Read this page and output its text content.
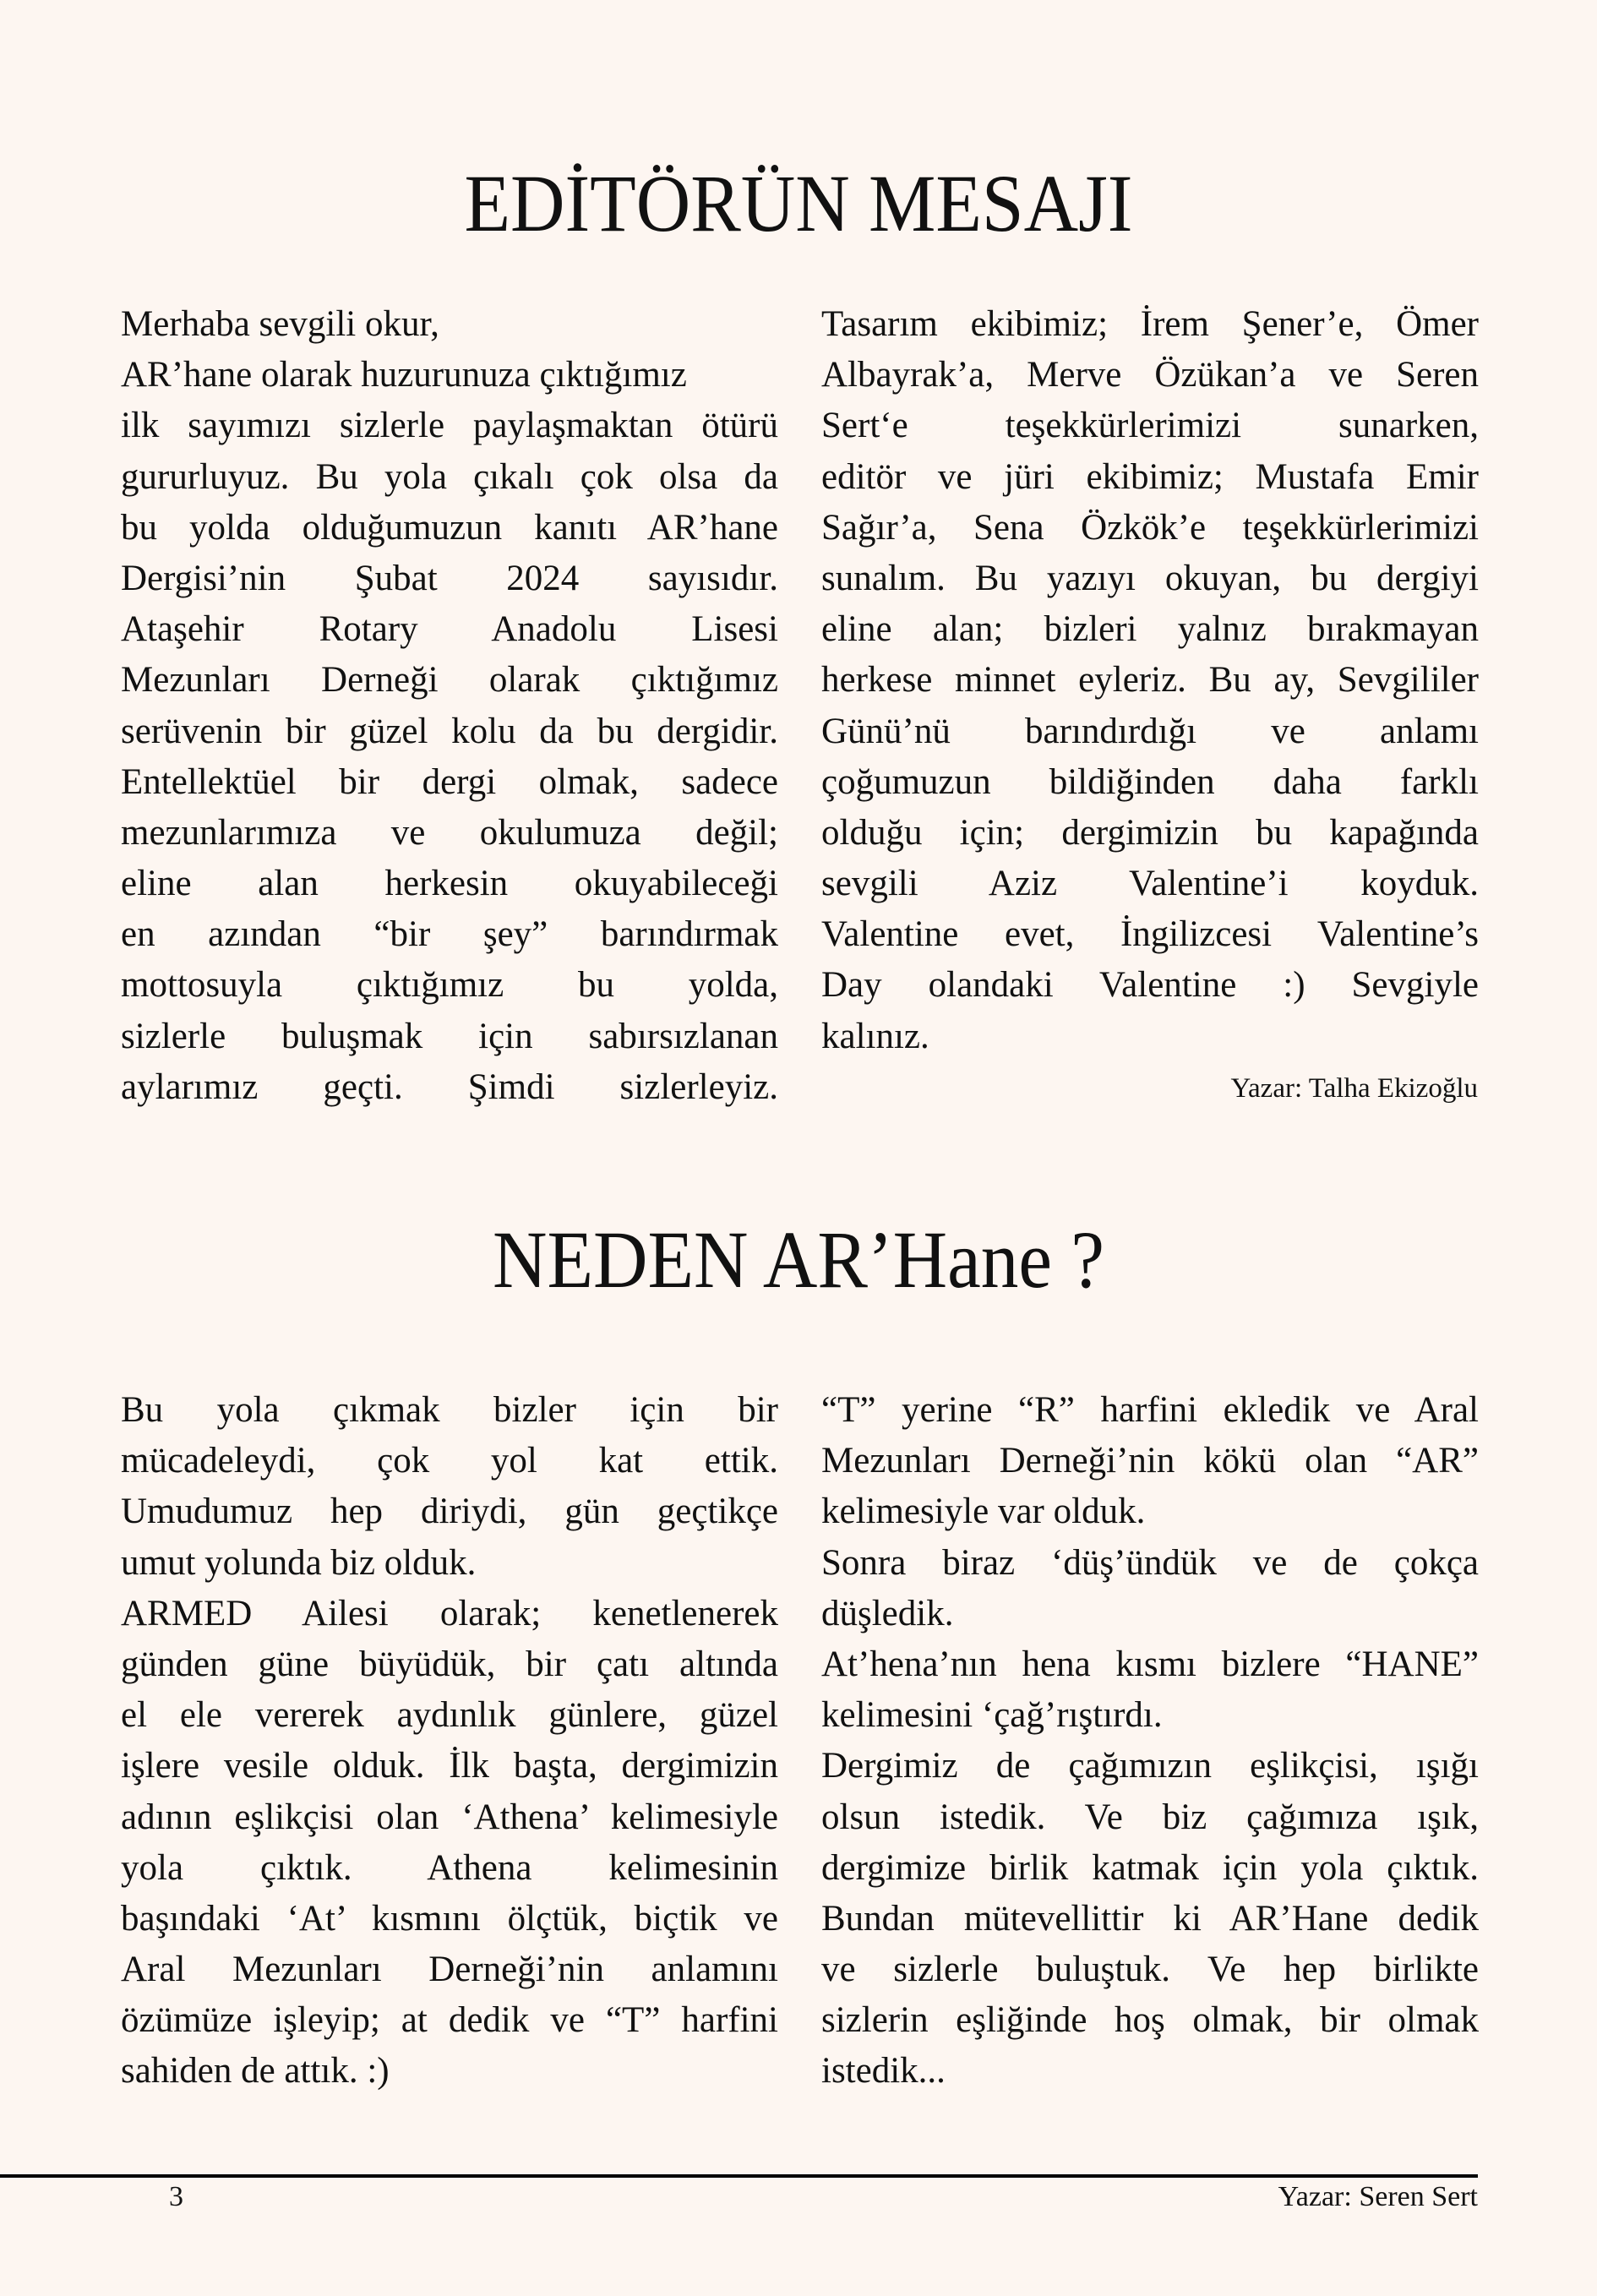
EDİTÖRÜN MESAJI
Merhaba sevgili okur,
AR’hane olarak huzurunuza çıktığımız
ilk sayımızı sizlerle paylaşmaktan ötürü
gururluyuz. Bu yola çıkalı çok olsa da
bu yolda olduğumuzun kanıtı AR’hane
Dergisi’nin Şubat 2024 sayısıdır.
Ataşehir Rotary Anadolu Lisesi
Mezunları Derneği olarak çıktığımız
serüvenin bir güzel kolu da bu dergidir.
Entellektüel bir dergi olmak, sadece
mezunlarımıza ve okulumuza değil;
eline alan herkesin okuyabileceği
en azından “bir şey” barındırmak
mottosuyla çıktığımız bu yolda,
sizlerle buluşmak için sabırsızlanan
aylarımız geçti. Şimdi sizlerleyiz.
Tasarım ekibimiz; İrem Şener’e, Ömer
Albayrak’a, Merve Özükan’a ve Seren
Sert‘e teşekkürlerimizi sunarken,
editör ve jüri ekibimiz; Mustafa Emir
Sağır’a, Sena Özkök’e teşekkürlerimizi
sunalım. Bu yazıyı okuyan, bu dergiyi
eline alan; bizleri yalnız bırakmayan
herkese minnet eyleriz. Bu ay, Sevgililer
Günü’nü barındırdığı ve anlamı
çoğumuzun bildiğinden daha farklı
olduğu için; dergimizin bu kapağında
sevgili Aziz Valentine’i koyduk.
Valentine evet, İngilizcesi Valentine’s
Day olandaki Valentine :) Sevgiyle
kalınız.
Yazar: Talha Ekizoğlu
NEDEN AR’Hane ?
Bu yola çıkmak bizler için bir
mücadeleydi, çok yol kat ettik.
Umudumuz hep diriydi, gün geçtikçe
umut yolunda biz olduk.
ARMED Ailesi olarak; kenetlenerek
günden güne büyüdük, bir çatı altında
el ele vererek aydınlık günlere, güzel
işlere vesile olduk. İlk başta, dergimizin
adının eşlikçisi olan ‘Athena’ kelimesiyle
yola çıktık. Athena kelimesinin
başındaki ‘At’ kısmını ölçtük, biçtik ve
Aral Mezunları Derneği’nin anlamını
özümüze işleyip; at dedik ve “T” harfini
sahiden de attık. :)
“T” yerine “R” harfini ekledik ve Aral
Mezunları Derneği’nin kökü olan “AR”
kelimesiyle var olduk.
Sonra biraz ‘düş’ündük ve de çokça
düşledik.
At’hena’nın hena kısmı bizlere “HANE”
kelimesini ‘çağ’rıştırdı.
Dergimiz de çağımızın eşlikçisi, ışığı
olsun istedik. Ve biz çağımıza ışık,
dergimize birlik katmak için yola çıktık.
Bundan mütevellittir ki AR’Hane dedik
ve sizlerle buluştuk. Ve hep birlikte
sizlerin eşliğinde hoş olmak, bir olmak
istedik...
3	Yazar: Seren Sert
